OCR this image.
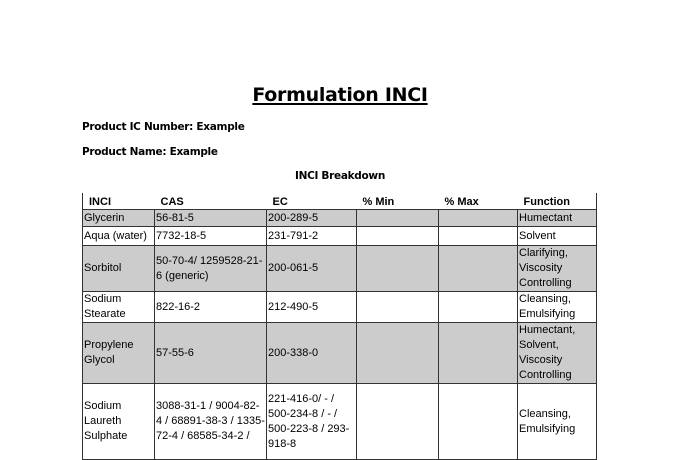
Formulation INCI
Product IC Number: Example
Product Name: Example
INCI Breakdown
INCI	CAS	EC	% Min	% Max	Function
Glycerin	56-81-5	200-289-5			Humectant
Aqua (water)	7732-18-5	231-791-2			Solvent
Sorbitol	50-70-4/ 1259528-21-6 (generic)	200-061-5			Clarifying, Viscosity Controlling
Sodium Stearate	822-16-2	212-490-5			Cleansing, Emulsifying
Propylene Glycol	57-55-6	200-338-0			Humectant, Solvent, Viscosity Controlling
Sodium Laureth Sulphate	3088-31-1 / 9004-82-4 / 68891-38-3 / 1335-72-4 / 68585-34-2 /	221-416-0/ - / 500-234-8 / - / 500-223-8 / 293-918-8			Cleansing, Emulsifying
